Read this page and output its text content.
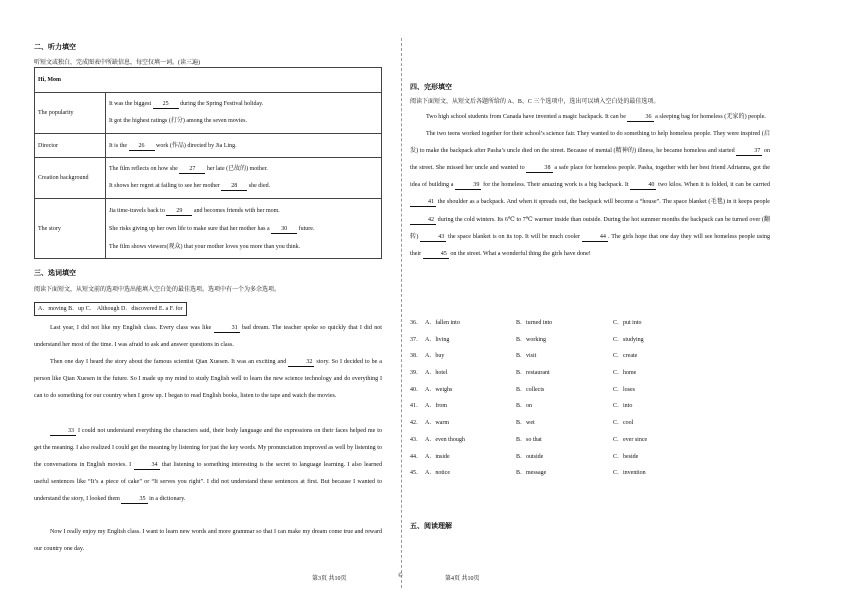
二、听力填空
听短文或独白，完成图表中所缺信息，每空仅填一词。(读三遍)
Hi, Mom	
The popularity	It was the biggest 25 during the Spring Festival holiday.
It got the highest ratings (打分) among the seven movies.

Director	It is the 26 work (作品) directed by Jia Ling.
Creation background	The film reflects on how she 27 her late (已故的) mother.
It shows her regret at failing to see her mother 28 she died.

The story	Jia time-travels back to 29 and becomes friends with her mom.
She risks giving up her own life to make sure that her mother has a 30 future.
The film shows viewers(观众) that your mother loves you more than you think.
三、选词填空
阅读下面短文，从短文前的选项中选出能填入空白处的最佳选项。选项中有一个为多余选项。
A．moving B．up C． Although D．discovered E. a F. for
Last year, I did not like my English class. Every class was like	31 bad dream. The teacher spoke so quickly that I did not understand her most of the time. I was afraid to ask and answer questions in class.
Then one day I heard the story about the famous scientist Qian Xuesen. It was an exciting and	32 story. So I decided to be a person like Qian Xuesen in the future. So I made up my mind to study English well to learn the new science technology and do everything I can to do something for our country when I grow up. I began to read English books, listen to the tape and watch the movies.
33 I could not understand everything the characters said, their body language and the expressions on their faces helped me to get the meaning. I also realized I could get the meaning by listening for just the key words. My pronunciation improved as well by listening to the conversations in English movies. I	34 that listening to something interesting is the secret to language learning. I also learned useful sentences like “It’s a piece of cake” or “It serves you right”. I did not understand these sentences at first. But because I wanted to understand the story, I looked them	35 in a dictionary.
Now I really enjoy my English class. I want to learn new words and more grammar so that I can make my dream come true and reward our country one day.
第3页 共10页	©
四、完形填空
阅读下面短文，从短文后各题所给的 A、B、C 三个选项中，选出可以填入空白处的最佳选项。
Two high school students from Canada have invented a magic backpack. It can be	36 a sleeping bag for homeless (无家的) people.
The two teens worked together for their school’s science fair. They wanted to do something to help homeless people. They were inspired (启发) to make the backpack after Pasha’s uncle died on the street. Because of mental (精神的) illness, he became homeless and started	37 on the street. She missed her uncle and wanted to	38 a safe place for homeless people. Pasha, together with her best friend Adrianna, got the idea of building a	39 for the homeless. Their amazing work is a big backpack. It	40 two kilos. When it is folded, it can be carried 41 the shoulder as a backpack. And when it spreads out, the backpack will become a “house”. The space blanket (毛毯) in it keeps people 42 during the cold winters. Its 6℃ to 7℃ warmer inside than outside. During the hot summer months the backpack can be turned over (翻转)	43 the space blanket is on its top. It will be much cooler	44 . The girls hope that one day they will see homeless people using their	45 on the street. What a wonderful thing the girls have done!
36． A．fallen into	B．turned into	C．put into
37． A．living	B．working	C．studying
38． A．buy	B．visit	C．create
39． A．hotel	B．restaurant	C．home
40． A．weighs	B．collects	C．loses
41． A．from	B．on	C．into
42． A．warm	B．wet	C．cool
43． A．even though	B．so that	C．ever since
44． A．inside	B．outside	C．beside
45． A．notice	B．message	C．invention
五、阅读理解
第4页 共10页
